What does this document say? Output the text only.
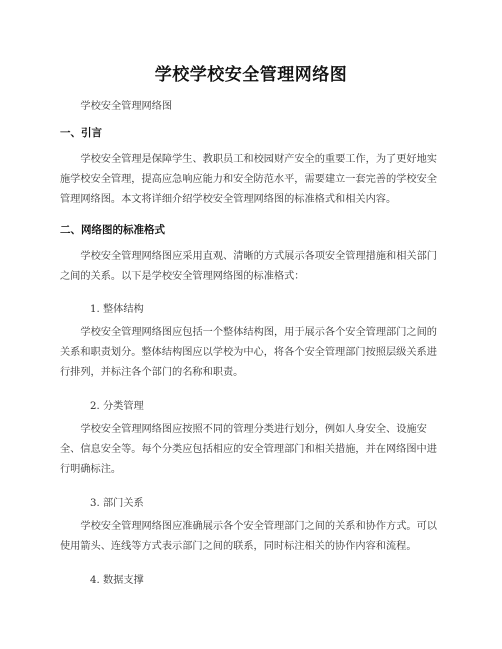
学校学校安全管理网络图

学校安全管理网络图

一、引言

学校安全管理是保障学生、教职员工和校园财产安全的重要工作，为了更好地实施学校安全管理，提高应急响应能力和安全防范水平，需要建立一套完善的学校安全管理网络图。本文将详细介绍学校安全管理网络图的标准格式和相关内容。

二、网络图的标准格式

学校安全管理网络图应采用直观、清晰的方式展示各项安全管理措施和相关部门之间的关系。以下是学校安全管理网络图的标准格式：

1. 整体结构

学校安全管理网络图应包括一个整体结构图，用于展示各个安全管理部门之间的关系和职责划分。整体结构图应以学校为中心，将各个安全管理部门按照层级关系进行排列，并标注各个部门的名称和职责。

2. 分类管理

学校安全管理网络图应按照不同的管理分类进行划分，例如人身安全、设施安全、信息安全等。每个分类应包括相应的安全管理部门和相关措施，并在网络图中进行明确标注。

3. 部门关系

学校安全管理网络图应准确展示各个安全管理部门之间的关系和协作方式。可以使用箭头、连线等方式表示部门之间的联系，同时标注相关的协作内容和流程。

4. 数据支撑
